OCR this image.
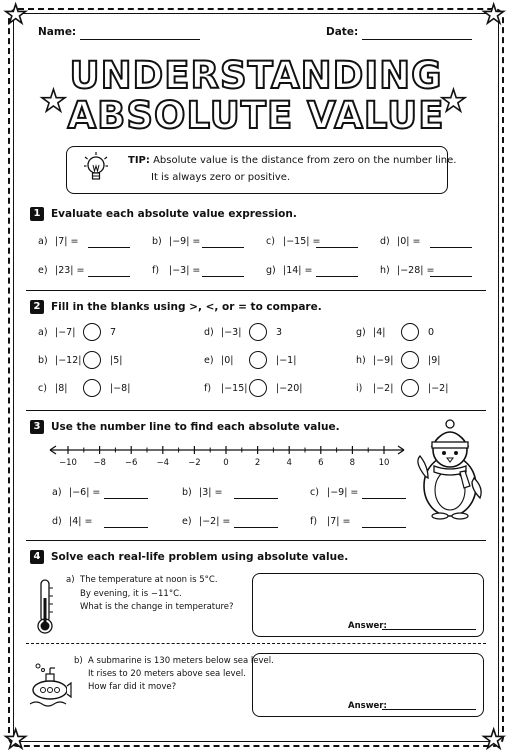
★	★
★	★
Name:	Date:
UNDERSTANDING
ABSOLUTE VALUE
★	★
TIP: Absolute value is the distance from zero on the number line.
It is always zero or positive.
1	Evaluate each absolute value expression.
a) |7| =	b) |−9| =	c) |−15| =	d) |0| =
e) |23| =	f) |−3| =	g) |14| =	h) |−28| =
2	Fill in the blanks using >, <, or = to compare.
a) |−7|	7
b) |−12|	|5|
c) |8|	|−8|
d) |−3|	3
e) |0|	|−1|
f) |−15|	|−20|
g) |4|	0
h) |−9|	|9|
i) |−2|	|−2|
3	Use the number line to find each absolute value.
−10	−8	−6	−4	−2	0	2	4	6	8	10
a) |−6| =	b) |3| =	c) |−9| =
d) |4| =	e) |−2| =	f) |7| =
4	Solve each real-life problem using absolute value.
a) The temperature at noon is 5°C.
By evening, it is −11°C.
What is the change in temperature?
Answer:
b) A submarine is 130 meters below sea level.
It rises to 20 meters above sea level.
How far did it move?
Answer:
